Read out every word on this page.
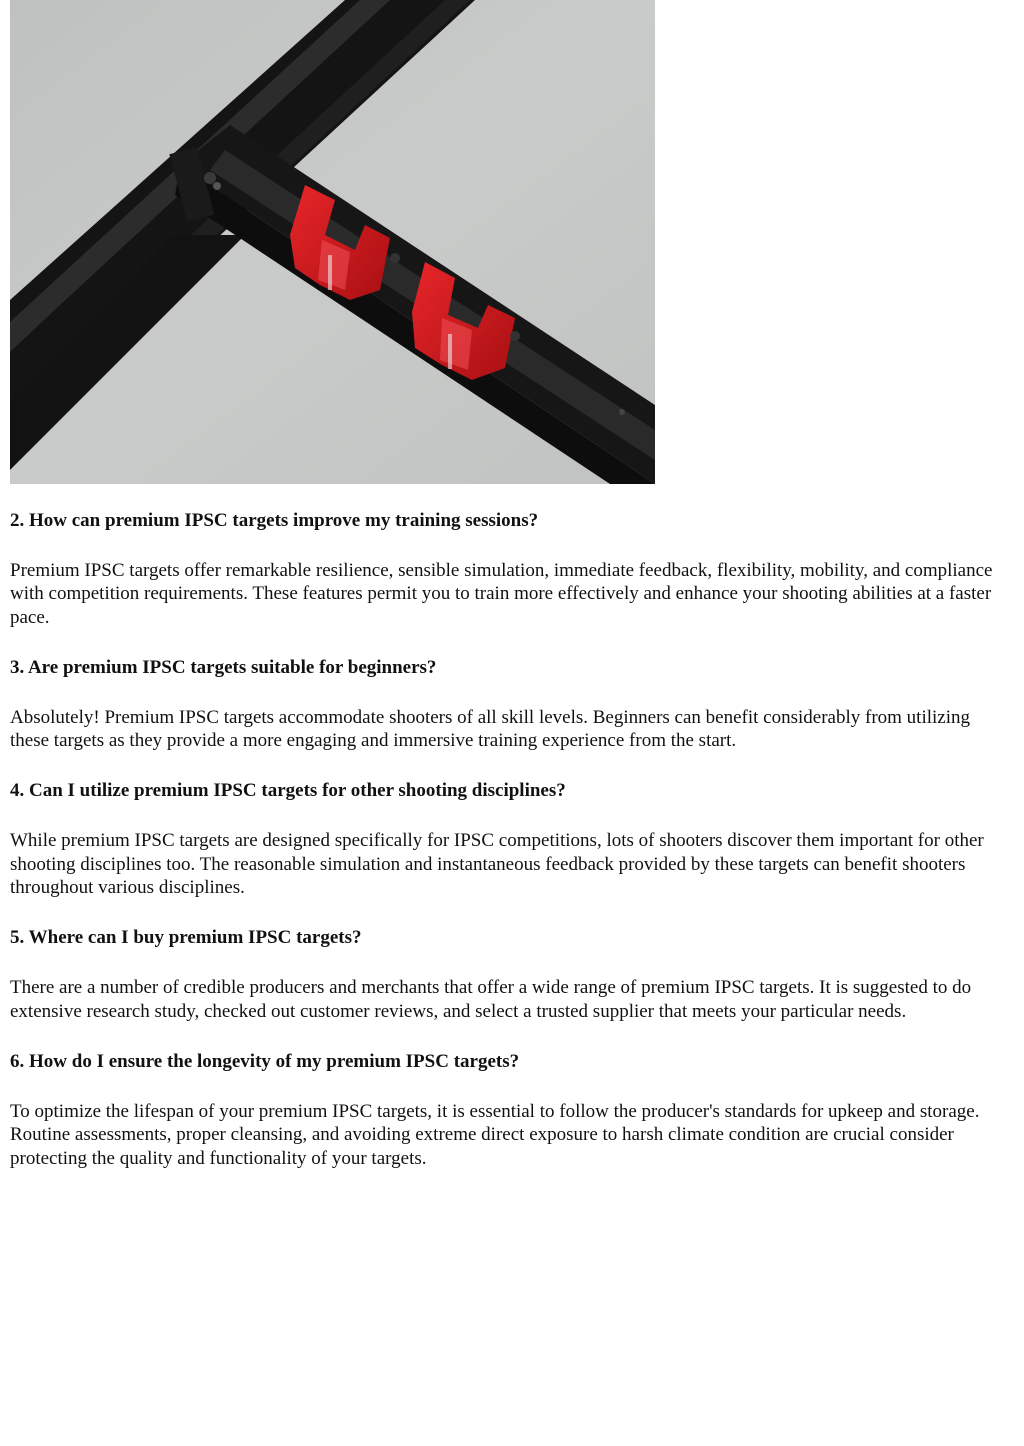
2. How can premium IPSC targets improve my training sessions?

Premium IPSC targets offer remarkable resilience, sensible simulation, immediate feedback, flexibility, mobility, and compliance with competition requirements. These features permit you to train more effectively and enhance your shooting abilities at a faster pace.

3. Are premium IPSC targets suitable for beginners?

Absolutely! Premium IPSC targets accommodate shooters of all skill levels. Beginners can benefit considerably from utilizing these targets as they provide a more engaging and immersive training experience from the start.

4. Can I utilize premium IPSC targets for other shooting disciplines?

While premium IPSC targets are designed specifically for IPSC competitions, lots of shooters discover them important for other shooting disciplines too. The reasonable simulation and instantaneous feedback provided by these targets can benefit shooters throughout various disciplines.

5. Where can I buy premium IPSC targets?

There are a number of credible producers and merchants that offer a wide range of premium IPSC targets. It is suggested to do extensive research study, checked out customer reviews, and select a trusted supplier that meets your particular needs.

6. How do I ensure the longevity of my premium IPSC targets?

To optimize the lifespan of your premium IPSC targets, it is essential to follow the producer's standards for upkeep and storage. Routine assessments, proper cleansing, and avoiding extreme direct exposure to harsh climate condition are crucial consider protecting the quality and functionality of your targets.
